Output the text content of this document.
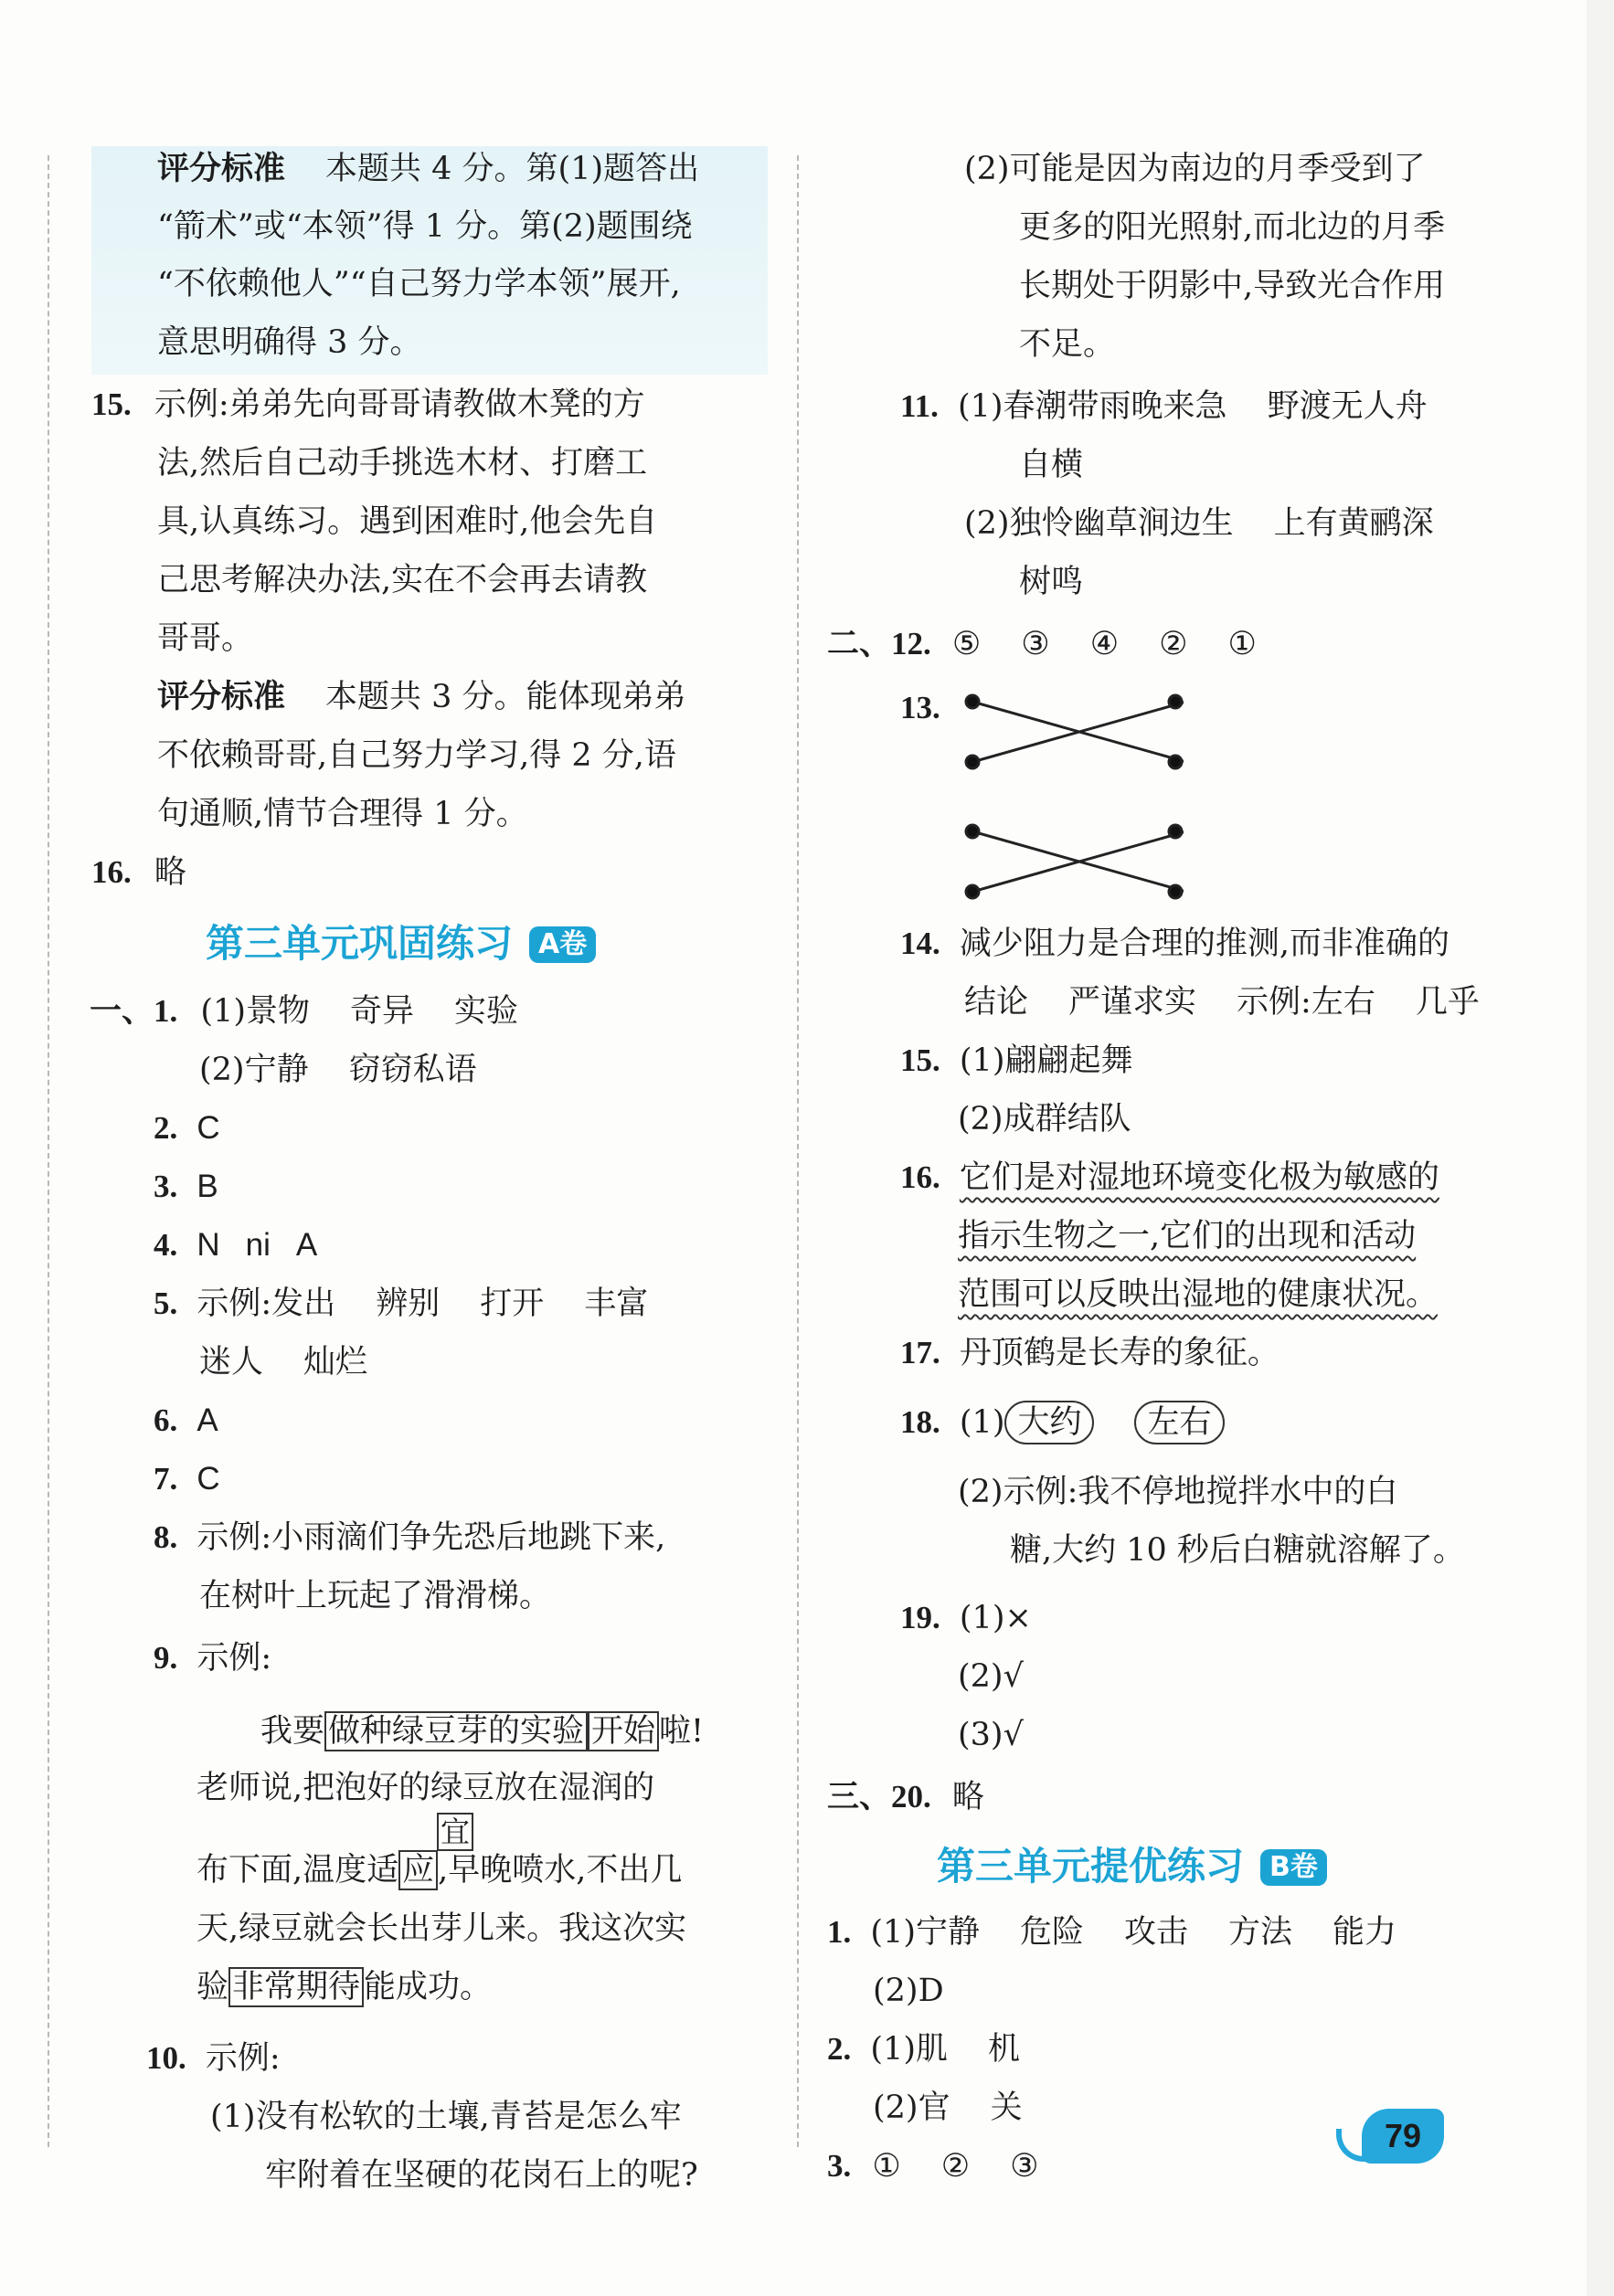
评分标准 本题共 4 分。第(1)题答出
“箭术”或“本领”得 1 分。第(2)题围绕
“不依赖他人”“自己努力学本领”展开,
意思明确得 3 分。
15. 示例:弟弟先向哥哥请教做木凳的方
法,然后自己动手挑选木材、打磨工
具,认真练习。遇到困难时,他会先自
己思考解决办法,实在不会再去请教
哥哥。
评分标准 本题共 3 分。能体现弟弟
不依赖哥哥,自己努力学习,得 2 分,语
句通顺,情节合理得 1 分。
16. 略
第三单元巩固练习 A卷
一、1. (1)景物 奇异 实验
(2)宁静 窃窃私语
2. C
3. B
4. N ni A
5. 示例:发出 辨别 打开 丰富
迷人 灿烂
6. A
7. C
8. 示例:小雨滴们争先恐后地跳下来,
在树叶上玩起了滑滑梯。
9. 示例:
我要 做种绿豆芽的实验 开始 啦!
老师说,把泡好的绿豆放在湿润的
宜
布下面,温度适 应 ,早晚喷水,不出几
天,绿豆就会长出芽儿来。我这次实
验 非常期待 能成功。
10. 示例:
(1)没有松软的土壤,青苔是怎么牢
牢附着在坚硬的花岗石上的呢?
(2)可能是因为南边的月季受到了
更多的阳光照射,而北边的月季
长期处于阴影中,导致光合作用
不足。
11. (1)春潮带雨晚来急 野渡无人舟
自横
(2)独怜幽草涧边生 上有黄鹂深
树鸣
二、12. ⑤ ③ ④ ② ①
13.
14. 减少阻力是合理的推测,而非准确的
结论 严谨求实 示例:左右 几乎
15. (1)翩翩起舞
(2)成群结队
16. 它们是对湿地环境变化极为敏感的
指示生物之一,它们的出现和活动
范围可以反映出湿地的健康状况。
17. 丹顶鹤是长寿的象征。
18. (1) 大约 左右
(2)示例:我不停地搅拌水中的白
糖,大约 10 秒后白糖就溶解了。
19. (1)×
(2)√
(3)√
三、20. 略
第三单元提优练习 B卷
1. (1)宁静 危险 攻击 方法 能力
(2)D
2. (1)肌 机
(2)官 关
3. ① ② ③
79
